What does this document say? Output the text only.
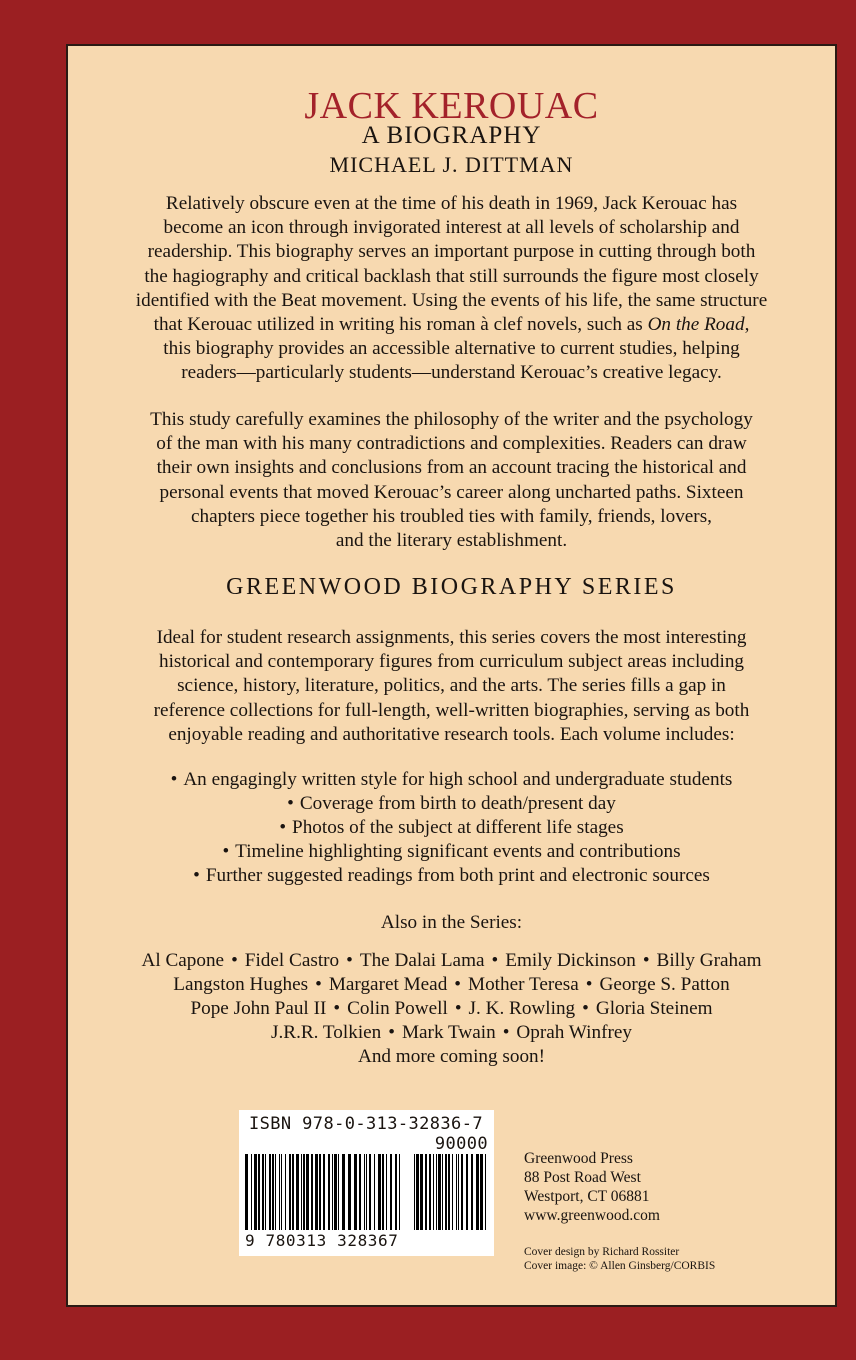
JACK KEROUAC
A BIOGRAPHY
MICHAEL J. DITTMAN
Relatively obscure even at the time of his death in 1969, Jack Kerouac has
become an icon through invigorated interest at all levels of scholarship and
readership. This biography serves an important purpose in cutting through both
the hagiography and critical backlash that still surrounds the figure most closely
identified with the Beat movement. Using the events of his life, the same structure
that Kerouac utilized in writing his roman à clef novels, such as On the Road,
this biography provides an accessible alternative to current studies, helping
readers—particularly students—understand Kerouac’s creative legacy.
This study carefully examines the philosophy of the writer and the psychology
of the man with his many contradictions and complexities. Readers can draw
their own insights and conclusions from an account tracing the historical and
personal events that moved Kerouac’s career along uncharted paths. Sixteen
chapters piece together his troubled ties with family, friends, lovers,
and the literary establishment.
GREENWOOD BIOGRAPHY SERIES
Ideal for student research assignments, this series covers the most interesting
historical and contemporary figures from curriculum subject areas including
science, history, literature, politics, and the arts. The series fills a gap in
reference collections for full-length, well-written biographies, serving as both
enjoyable reading and authoritative research tools. Each volume includes:
• An engagingly written style for high school and undergraduate students
• Coverage from birth to death/present day
• Photos of the subject at different life stages
• Timeline highlighting significant events and contributions
• Further suggested readings from both print and electronic sources
Also in the Series:
Al Capone • Fidel Castro • The Dalai Lama • Emily Dickinson • Billy Graham
Langston Hughes • Margaret Mead • Mother Teresa • George S. Patton
Pope John Paul II • Colin Powell • J. K. Rowling • Gloria Steinem
J.R.R. Tolkien • Mark Twain • Oprah Winfrey
And more coming soon!
ISBN 978-0-313-32836-7
90000
9 780313 328367
Greenwood Press
88 Post Road West
Westport, CT 06881
www.greenwood.com
Cover design by Richard Rossiter
Cover image: © Allen Ginsberg/CORBIS
